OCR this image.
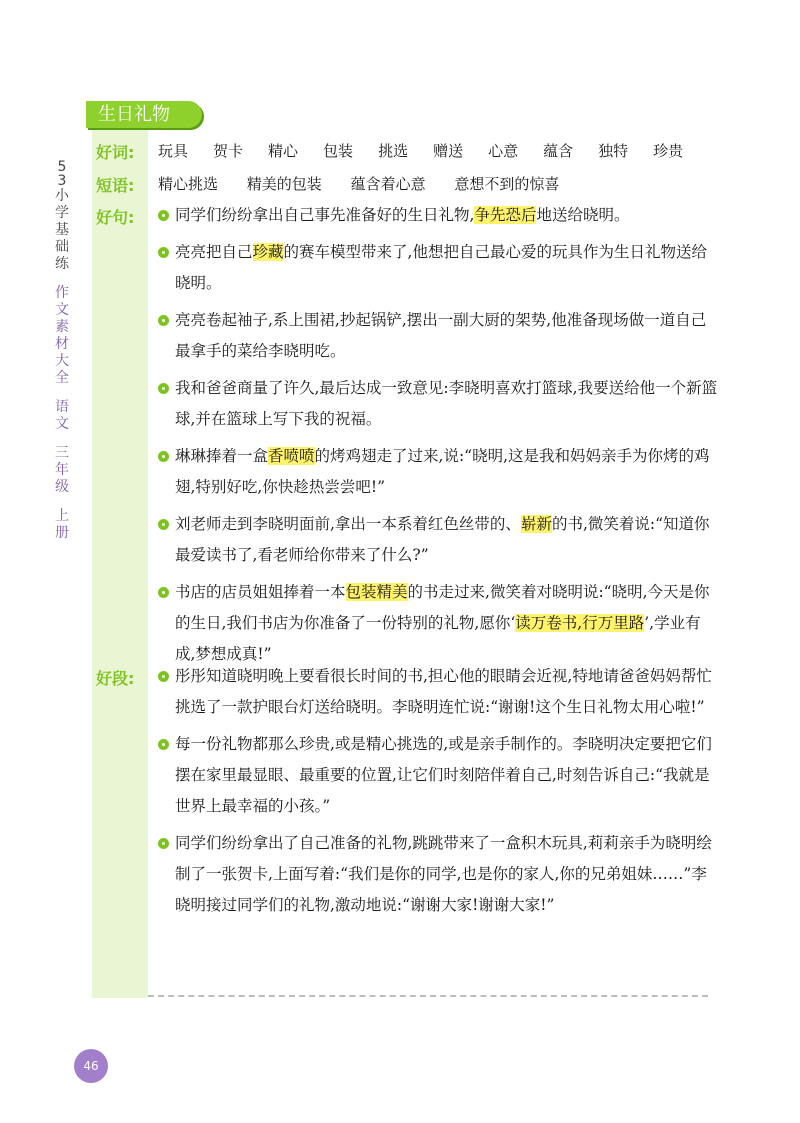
5
3
小
学
基
础
练
作
文
素
材
大
全
语
文
三
年
级
上
册
生日礼物
好词: 玩具 贺卡 精心 包装 挑选 赠送 心意 蕴含 独特 珍贵
短语: 精心挑选 精美的包装 蕴含着心意 意想不到的惊喜
好句:	同学们纷纷拿出自己事先准备好的生日礼物,争先恐后地送给晓明。
亮亮把自己珍藏的赛车模型带来了,他想把自己最心爱的玩具作为生日礼物送给晓明。
亮亮卷起袖子,系上围裙,抄起锅铲,摆出一副大厨的架势,他准备现场做一道自己最拿手的菜给李晓明吃。
我和爸爸商量了许久,最后达成一致意见:李晓明喜欢打篮球,我要送给他一个新篮球,并在篮球上写下我的祝福。
琳琳捧着一盒香喷喷的烤鸡翅走了过来,说:“晓明,这是我和妈妈亲手为你烤的鸡翅,特别好吃,你快趁热尝尝吧!”
刘老师走到李晓明面前,拿出一本系着红色丝带的、崭新的书,微笑着说:“知道你最爱读书了,看老师给你带来了什么?”
书店的店员姐姐捧着一本包装精美的书走过来,微笑着对晓明说:“晓明,今天是你的生日,我们书店为你准备了一份特别的礼物,愿你‘读万卷书,行万里路’,学业有成,梦想成真!”
好段:	彤彤知道晓明晚上要看很长时间的书,担心他的眼睛会近视,特地请爸爸妈妈帮忙挑选了一款护眼台灯送给晓明。李晓明连忙说:“谢谢!这个生日礼物太用心啦!”
每一份礼物都那么珍贵,或是精心挑选的,或是亲手制作的。李晓明决定要把它们摆在家里最显眼、最重要的位置,让它们时刻陪伴着自己,时刻告诉自己:“我就是世界上最幸福的小孩。”
同学们纷纷拿出了自己准备的礼物,跳跳带来了一盒积木玩具,莉莉亲手为晓明绘制了一张贺卡,上面写着:“我们是你的同学,也是你的家人,你的兄弟姐妹……”李晓明接过同学们的礼物,激动地说:“谢谢大家!谢谢大家!”
46
